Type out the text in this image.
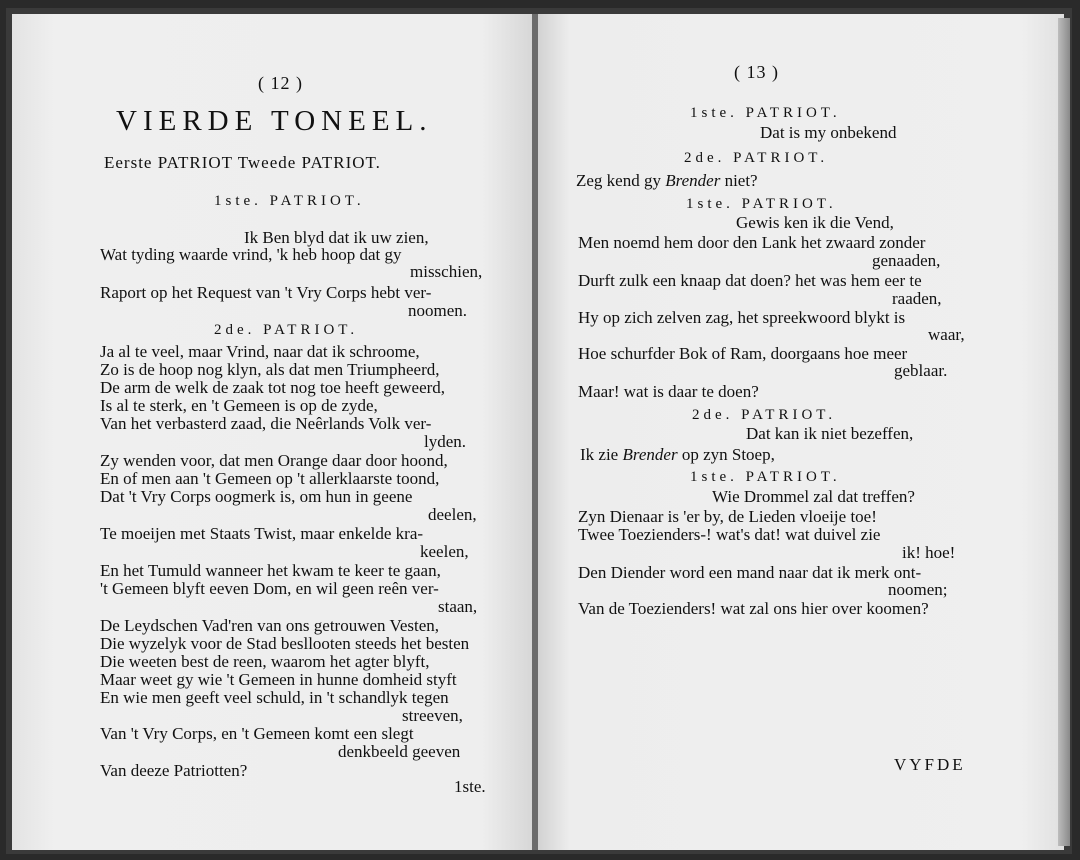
( 12 )
VIERDE TONEEL.
Eerste PATRIOT Tweede PATRIOT.
1ste. PATRIOT.
Ik Ben blyd dat ik uw zien,
Wat tyding waarde vrind, 'k heb hoop dat gy
misschien,
Raport op het Request van 't Vry Corps hebt ver-
noomen.
2de. PATRIOT.
Ja al te veel, maar Vrind, naar dat ik schroome,
Zo is de hoop nog klyn, als dat men Triumpheerd,
De arm de welk de zaak tot nog toe heeft geweerd,
Is al te sterk, en 't Gemeen is op de zyde,
Van het verbasterd zaad, die Neêrlands Volk ver-
lyden.
Zy wenden voor, dat men Orange daar door hoond,
En of men aan 't Gemeen op 't allerklaarste toond,
Dat 't Vry Corps oogmerk is, om hun in geene
deelen,
Te moeijen met Staats Twist, maar enkelde kra-
keelen,
En het Tumuld wanneer het kwam te keer te gaan,
't Gemeen blyft eeven Dom, en wil geen reên ver-
staan,
De Leydschen Vad'ren van ons getrouwen Vesten,
Die wyzelyk voor de Stad besllooten steeds het besten
Die weeten best de reen, waarom het agter blyft,
Maar weet gy wie 't Gemeen in hunne domheid styft
En wie men geeft veel schuld, in 't schandlyk tegen
streeven,
Van 't Vry Corps, en 't Gemeen komt een slegt
denkbeeld geeven
Van deeze Patriotten?
1ste.
( 13 )
1ste. PATRIOT.
Dat is my onbekend
2de. PATRIOT.
Zeg kend gy Brender niet?
1ste. PATRIOT.
Gewis ken ik die Vend,
Men noemd hem door den Lank het zwaard zonder
genaaden,
Durft zulk een knaap dat doen? het was hem eer te
raaden,
Hy op zich zelven zag, het spreekwoord blykt is
waar,
Hoe schurfder Bok of Ram, doorgaans hoe meer
geblaar.
Maar! wat is daar te doen?
2de. PATRIOT.
Dat kan ik niet bezeffen,
Ik zie Brender op zyn Stoep,
1ste. PATRIOT.
Wie Drommel zal dat treffen?
Zyn Dienaar is 'er by, de Lieden vloeije toe!
Twee Toezienders-! wat's dat! wat duivel zie
ik! hoe!
Den Diender word een mand naar dat ik merk ont-
noomen;
Van de Toezienders! wat zal ons hier over koomen?
VYFDE
